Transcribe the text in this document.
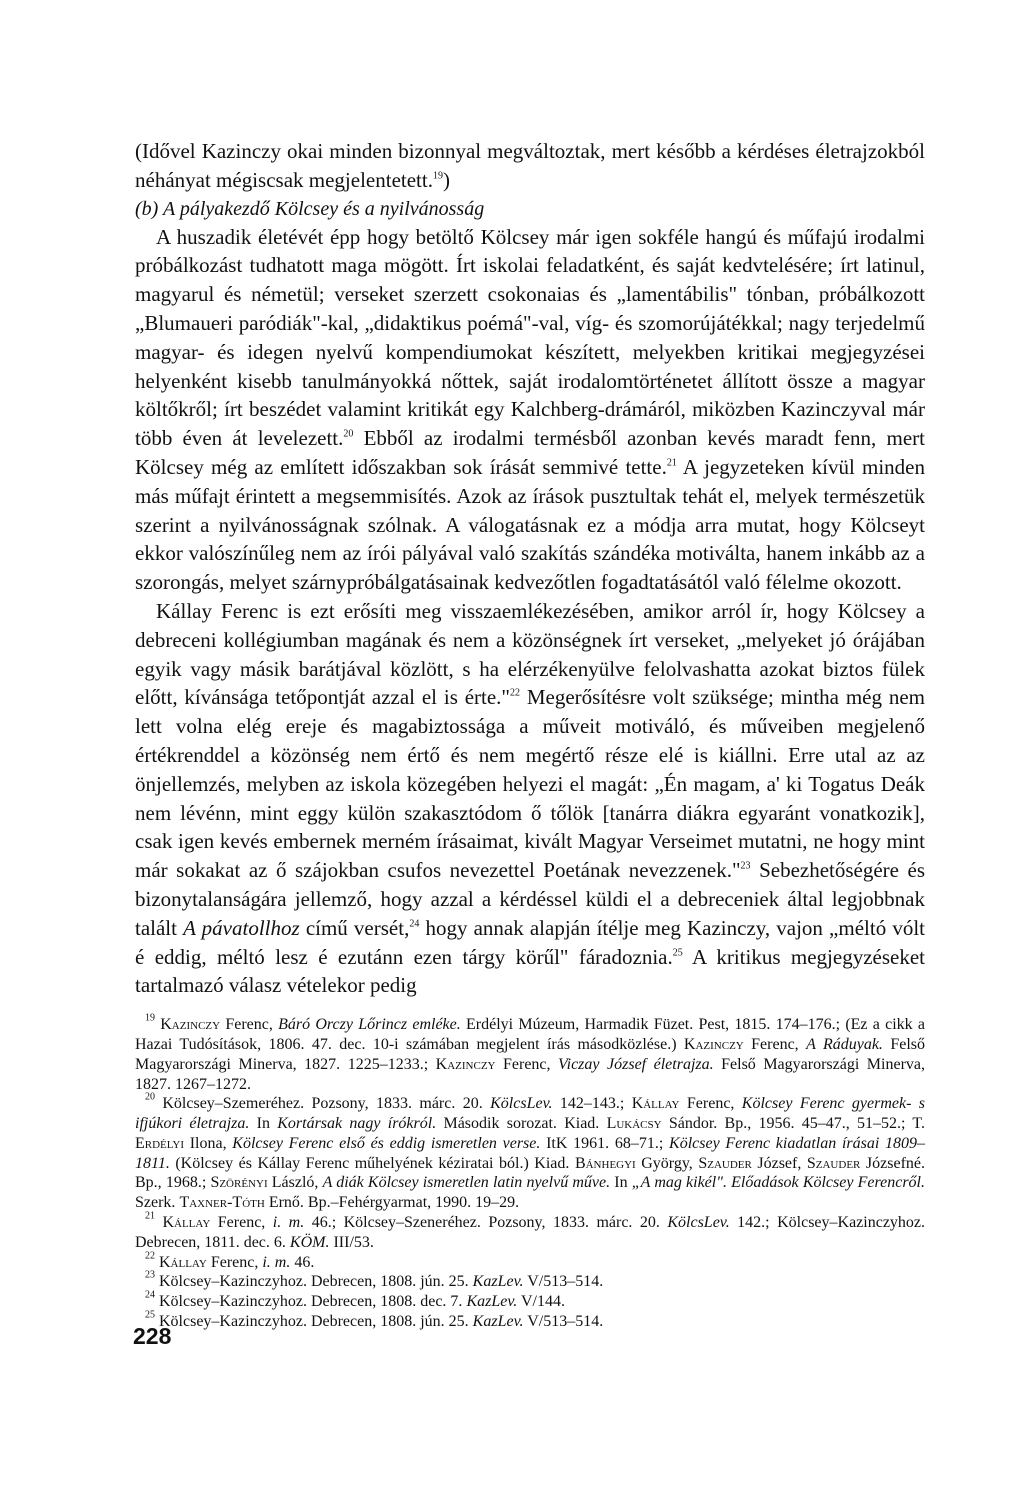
(Idővel Kazinczy okai minden bizonnyal megváltoztak, mert később a kérdéses életrajzokból néhányat mégiscsak megjelentetett.$^{19}$)

(b) A pályakezdő Kölcsey és a nyilvánosság

A huszadik életévét épp hogy betöltő Kölcsey már igen sokféle hangú és műfajú irodalmi próbálkozást tudhatott maga mögött. Írt iskolai feladatként, és saját kedvtelésére; írt latinul, magyarul és németül; verseket szerzett csokonaias és „lamentábilis" tónban, próbálkozott „Blumaueri paródiák"-kal, „didaktikus poémá"-val, víg- és szomorújátékkal; nagy terjedelmű magyar- és idegen nyelvű kompendiumokat készített, melyekben kritikai megjegyzései helyenként kisebb tanulmányokká nőttek, saját irodalomtörténetet állított össze a magyar költőkről; írt beszédet valamint kritikát egy Kalchberg-drámáról, miközben Kazinczyval már több éven át levelezett.$^{20}$ Ebből az irodalmi termésből azonban kevés maradt fenn, mert Kölcsey még az említett időszakban sok írását semmivé tette.$^{21}$ A jegyzeteken kívül minden más műfajt érintett a megsemmisítés. Azok az írások pusztultak tehát el, melyek természetük szerint a nyilvánosságnak szólnak. A válogatásnak ez a módja arra mutat, hogy Kölcseyt ekkor valószínűleg nem az írói pályával való szakítás szándéka motiválta, hanem inkább az a szorongás, melyet szárnypróbálgatásainak kedvezőtlen fogadtatásától való félelme okozott.

Kállay Ferenc is ezt erősíti meg visszaemlékezésében, amikor arról ír, hogy Kölcsey a debreceni kollégiumban magának és nem a közönségnek írt verseket, „melyeket jó órájában egyik vagy másik barátjával közlött, s ha elérzékenyülve felolvashatta azokat biztos fülek előtt, kívánsága tetőpontját azzal el is érte."$^{22}$ Megerősítésre volt szüksége; mintha még nem lett volna elég ereje és magabiztossága a műveit motiváló, és műveiben megjelenő értékrenddel a közönség nem értő és nem megértő része elé is kiállni. Erre utal az az önjellemzés, melyben az iskola közegében helyezi el magát: „Én magam, a' ki Togatus Deák nem lévénn, mint eggy külön szakasztódom ő tőlök [tanárra diákra egyaránt vonatkozik], csak igen kevés embernek merném írásaimat, kivált Magyar Verseimet mutatni, ne hogy mint már sokakat az ő szájokban csufos nevezettel Poetának nevezzenek."$^{23}$ Sebezhetőségére és bizonytalanságára jellemző, hogy azzal a kérdéssel küldi el a debreceniek által legjobbnak talált A pávatollhoz című versét,$^{24}$ hogy annak alapján ítélje meg Kazinczy, vajon „méltó vólt é eddig, méltó lesz é ezutánn ezen tárgy körűl" fáradoznia.$^{25}$ A kritikus megjegyzéseket tartalmazó válasz vételekor pedig

$^{19}$ Kazinczy Ferenc, Báró Orczy Lőrincz emléke. Erdélyi Múzeum, Harmadik Füzet. Pest, 1815. 174–176.; (Ez a cikk a Hazai Tudósítások, 1806. 47. dec. 10-i számában megjelent írás másodközlése.) Kazinczy Ferenc, A Ráduyak. Felső Magyarországi Minerva, 1827. 1225–1233.; Kazinczy Ferenc, Viczay József életrajza. Felső Magyarországi Minerva, 1827. 1267–1272.

$^{20}$ Kölcsey–Szemeréhez. Pozsony, 1833. márc. 20. KölcsLev. 142–143.; Kállay Ferenc, Kölcsey Ferenc gyermek- s ifjúkori életrajza. In Kortársak nagy írókról. Második sorozat. Kiad. Lukácsy Sándor. Bp., 1956. 45–47., 51–52.; T. Erdélyi Ilona, Kölcsey Ferenc első és eddig ismeretlen verse. ItK 1961. 68–71.; Kölcsey Ferenc kiadatlan írásai 1809–1811. (Kölcsey és Kállay Ferenc műhelyének kéziratai ból.) Kiad. Bánhegyi György, Szauder József, Szauder Józsefné. Bp., 1968.; Szörényi László, A diák Kölcsey ismeretlen latin nyelvű műve. In „A mag kikél". Előadások Kölcsey Ferencről. Szerk. Taxner-Tóth Ernő. Bp.–Fehérgyarmat, 1990. 19–29.

$^{21}$ Kállay Ferenc, i. m. 46.; Kölcsey–Szeneréhez. Pozsony, 1833. márc. 20. KölcsLev. 142.; Kölcsey–Kazinczyhoz. Debrecen, 1811. dec. 6. KÖM. III/53.

$^{22}$ Kállay Ferenc, i. m. 46.

$^{23}$ Kölcsey–Kazinczyhoz. Debrecen, 1808. jún. 25. KazLev. V/513–514.

$^{24}$ Kölcsey–Kazinczyhoz. Debrecen, 1808. dec. 7. KazLev. V/144.

$^{25}$ Kölcsey–Kazinczyhoz. Debrecen, 1808. jún. 25. KazLev. V/513–514.

228
